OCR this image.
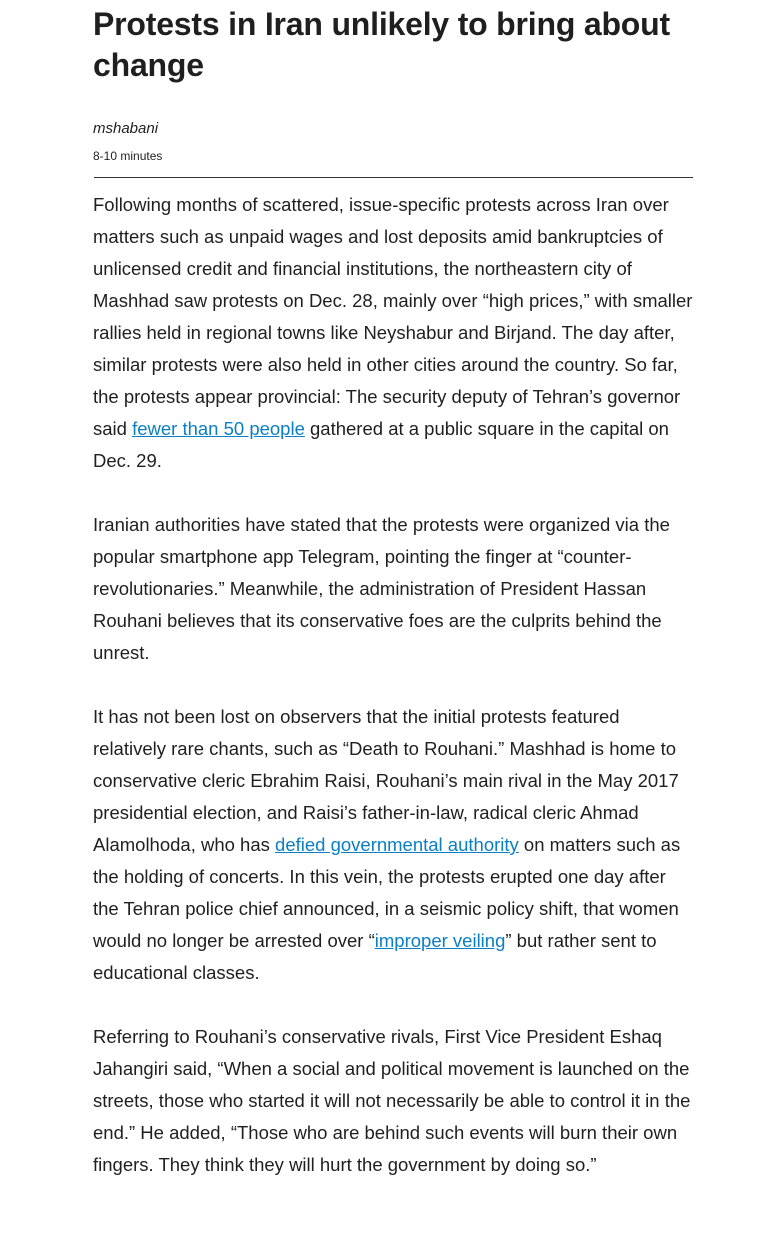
Protests in Iran unlikely to bring about change
mshabani
8-10 minutes

Following months of scattered, issue-specific protests across Iran over matters such as unpaid wages and lost deposits amid bankruptcies of unlicensed credit and financial institutions, the northeastern city of Mashhad saw protests on Dec. 28, mainly over “high prices,” with smaller rallies held in regional towns like Neyshabur and Birjand. The day after, similar protests were also held in other cities around the country. So far, the protests appear provincial: The security deputy of Tehran’s governor said fewer than 50 people gathered at a public square in the capital on Dec. 29.

Iranian authorities have stated that the protests were organized via the popular smartphone app Telegram, pointing the finger at “counter-revolutionaries.” Meanwhile, the administration of President Hassan Rouhani believes that its conservative foes are the culprits behind the unrest.

It has not been lost on observers that the initial protests featured relatively rare chants, such as “Death to Rouhani.” Mashhad is home to conservative cleric Ebrahim Raisi, Rouhani’s main rival in the May 2017 presidential election, and Raisi’s father-in-law, radical cleric Ahmad Alamolhoda, who has defied governmental authority on matters such as the holding of concerts. In this vein, the protests erupted one day after the Tehran police chief announced, in a seismic policy shift, that women would no longer be arrested over “improper veiling” but rather sent to educational classes.

Referring to Rouhani’s conservative rivals, First Vice President Eshaq Jahangiri said, “When a social and political movement is launched on the streets, those who started it will not necessarily be able to control it in the end.” He added, “Those who are behind such events will burn their own fingers. They think they will hurt the government by doing so.”
